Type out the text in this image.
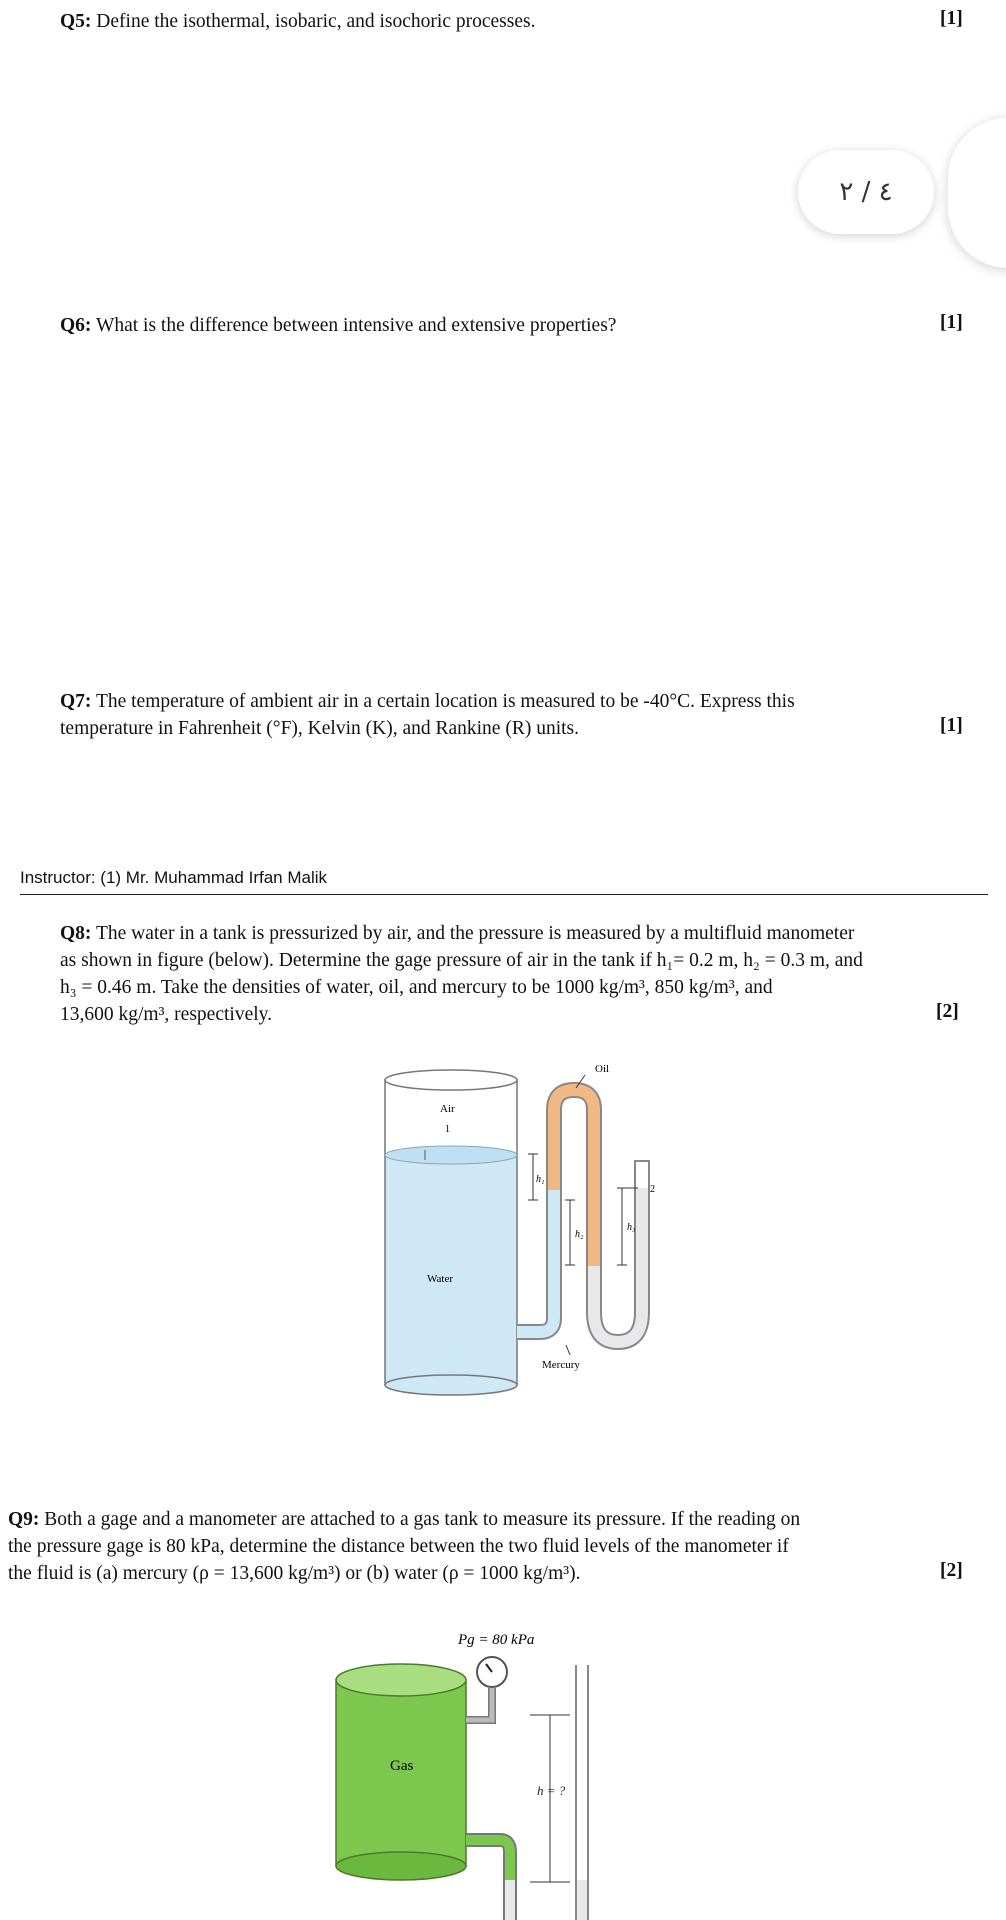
Q5: Define the isothermal, isobaric, and isochoric processes.	[1]
٤ / ٢
Q6: What is the difference between intensive and extensive properties?	[1]
Q7: The temperature of ambient air in a certain location is measured to be -40°C. Express this
temperature in Fahrenheit (°F), Kelvin (K), and Rankine (R) units.	[1]
Instructor: (1) Mr. Muhammad Irfan Malik
Q8: The water in a tank is pressurized by air, and the pressure is measured by a multifluid manometer
as shown in figure (below). Determine the gage pressure of air in the tank if h₁= 0.2 m, h₂ = 0.3 m, and
h₃ = 0.46 m. Take the densities of water, oil, and mercury to be 1000 kg/m³, 850 kg/m³, and
13,600 kg/m³, respectively.	[2]
Oil
Air
1
Water
h₁
h₂
h₃
2
Mercury
Q9: Both a gage and a manometer are attached to a gas tank to measure its pressure. If the reading on
the pressure gage is 80 kPa, determine the distance between the two fluid levels of the manometer if
the fluid is (a) mercury (ρ = 13,600 kg/m³) or (b) water (ρ = 1000 kg/m³).	[2]
Pg = 80 kPa
Gas
h = ?
